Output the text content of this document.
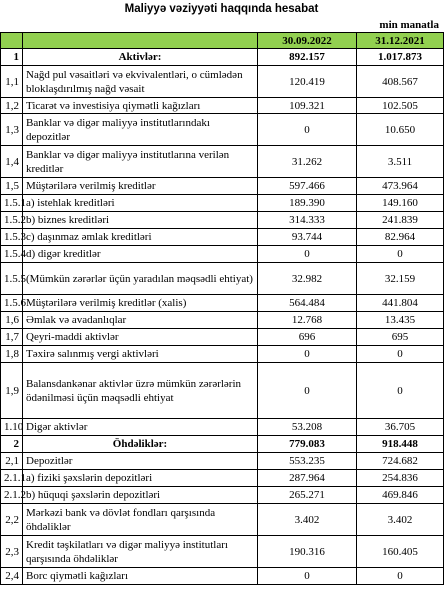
Maliyyə vəziyyəti haqqında hesabat
min manatla
		30.09.2022	31.12.2021
1	Aktivlər:	892.157	1.017.873
1,1	Nağd pul vəsaitləri və ekvivalentləri, o cümlədən bloklaşdırılmış nağd vəsait	120.419	408.567
1,2	Ticarət və investisiya qiymətli kağızları	109.321	102.505
1,3	Banklar və digər maliyyə institutlarındakı depozitlər	0	10.650
1,4	Banklar və digər maliyyə institutlarına verilən kreditlər	31.262	3.511
1,5	Müştərilərə verilmiş kreditlər	597.466	473.964
1.5.1	a) istehlak kreditləri	189.390	149.160
1.5.2	b) biznes kreditləri	314.333	241.839
1.5.3	c) daşınmaz əmlak kreditləri	93.744	82.964
1.5.4	d) digər kreditlər	0	0
1.5.5	(Mümkün zərərlər üçün yaradılan məqsədli ehtiyat)	32.982	32.159
1.5.6	Müştərilərə verilmiş kreditlər (xalis)	564.484	441.804
1,6	Əmlak və avadanlıqlar	12.768	13.435
1,7	Qeyri-maddi aktivlər	696	695
1,8	Təxirə salınmış vergi aktivləri	0	0
1,9	Balansdankənar aktivlər üzrə mümkün zərərlərin ödənilməsi üçün məqsədli ehtiyat	0	0
1.10	Digər aktivlər	53.208	36.705
2	Öhdəliklər:	779.083	918.448
2,1	Depozitlər	553.235	724.682
2.1.1	a) fiziki şəxslərin depozitləri	287.964	254.836
2.1.2	b) hüquqi şəxslərin depozitləri	265.271	469.846
2,2	Mərkəzi bank və dövlət fondları qarşısında öhdəliklər	3.402	3.402
2,3	Kredit təşkilatları və digər maliyyə institutları qarşısında öhdəliklər	190.316	160.405
2,4	Borc qiymətli kağızları	0	0
